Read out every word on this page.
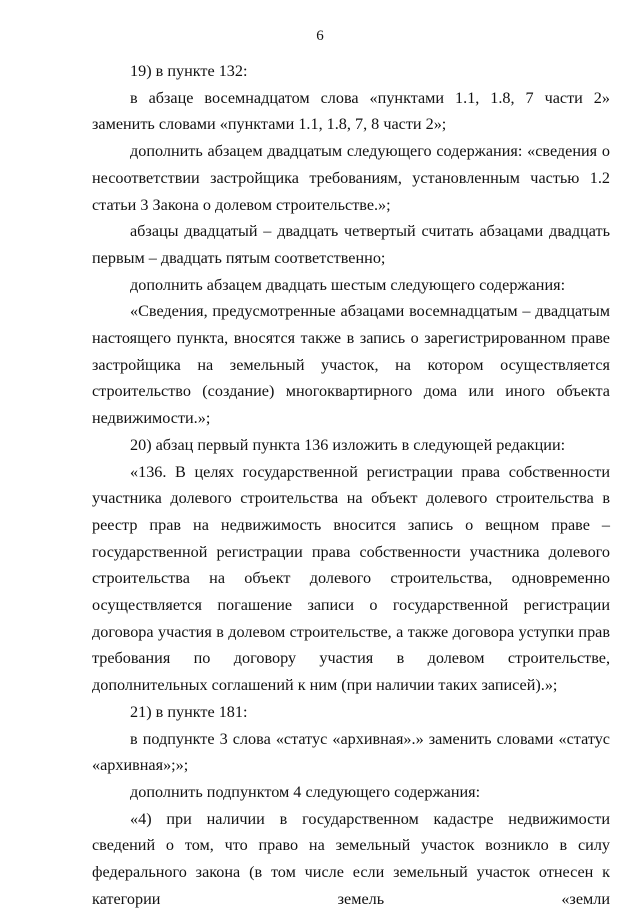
6

19) в пункте 132:

в абзаце восемнадцатом слова «пунктами 1.1, 1.8, 7 части 2» заменить словами «пунктами 1.1, 1.8, 7, 8 части 2»;

дополнить абзацем двадцатым следующего содержания: «сведения о несоответствии застройщика требованиям, установленным частью 1.2 статьи 3 Закона о долевом строительстве.»;

абзацы двадцатый – двадцать четвертый считать абзацами двадцать первым – двадцать пятым соответственно;

дополнить абзацем двадцать шестым следующего содержания:

«Сведения, предусмотренные абзацами восемнадцатым – двадцатым настоящего пункта, вносятся также в запись о зарегистрированном праве застройщика на земельный участок, на котором осуществляется строительство (создание) многоквартирного дома или иного объекта недвижимости.»;

20) абзац первый пункта 136 изложить в следующей редакции:

«136. В целях государственной регистрации права собственности участника долевого строительства на объект долевого строительства в реестр прав на недвижимость вносится запись о вещном праве – государственной регистрации права собственности участника долевого строительства на объект долевого строительства, одновременно осуществляется погашение записи о государственной регистрации договора участия в долевом строительстве, а также договора уступки прав требования по договору участия в долевом строительстве, дополнительных соглашений к ним (при наличии таких записей).»;

21) в пункте 181:

в подпункте 3 слова «статус «архивная».» заменить словами «статус «архивная»;»;

дополнить подпунктом 4 следующего содержания:

«4) при наличии в государственном кадастре недвижимости сведений о том, что право на земельный участок возникло в силу федерального закона (в том числе если земельный участок отнесен к категории земель «земли
